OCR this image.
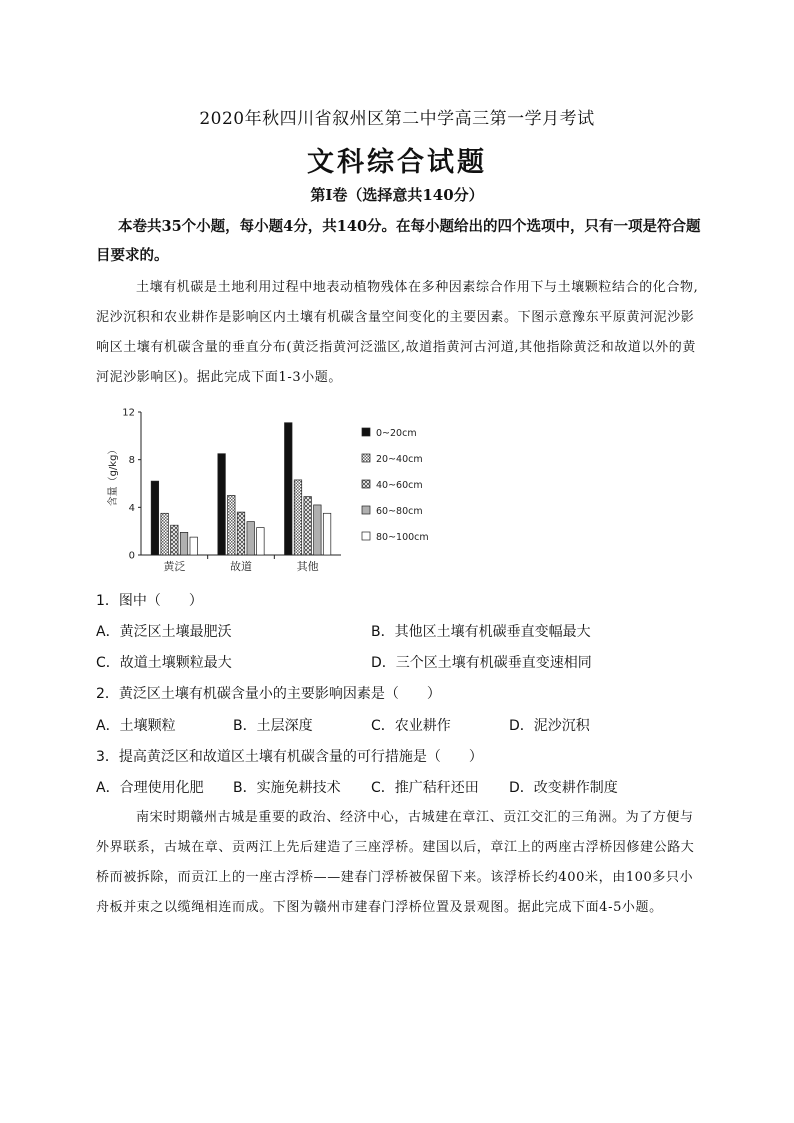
2020年秋四川省叙州区第二中学高三第一学月考试
文科综合试题
第Ⅰ卷（选择意共140分）
本卷共35个小题，每小题4分，共140分。在每小题给出的四个选项中，只有一项是符合题目要求的。
土壤有机碳是土地利用过程中地表动植物残体在多种因素综合作用下与土壤颗粒结合的化合物,泥沙沉积和农业耕作是影响区内土壤有机碳含量空间变化的主要因素。下图示意豫东平原黄河泥沙影响区土壤有机碳含量的垂直分布(黄泛指黄河泛滥区,故道指黄河古河道,其他指除黄泛和故道以外的黄河泥沙影响区)。据此完成下面1-3小题。
0
4
8
12
含量（g/kg）
黄泛	故道	其他
0~20cm
20~40cm
40~60cm
60~80cm
80~100cm
1．图中（　　）
A．黄泛区土壤最肥沃	B．其他区土壤有机碳垂直变幅最大
C．故道土壤颗粒最大	D．三个区土壤有机碳垂直变速相同
2．黄泛区土壤有机碳含量小的主要影响因素是（　　）
A．土壤颗粒	B．土层深度	C．农业耕作	D．泥沙沉积
3．提高黄泛区和故道区土壤有机碳含量的可行措施是（　　）
A．合理使用化肥 B．实施免耕技术 C．推广秸秆还田 D．改变耕作制度
南宋时期赣州古城是重要的政治、经济中心，古城建在章江、贡江交汇的三角洲。为了方便与外界联系，古城在章、贡两江上先后建造了三座浮桥。建国以后，章江上的两座古浮桥因修建公路大桥而被拆除，而贡江上的一座古浮桥——建春门浮桥被保留下来。该浮桥长约400米，由100多只小舟板并束之以缆绳相连而成。下图为赣州市建春门浮桥位置及景观图。据此完成下面4-5小题。
